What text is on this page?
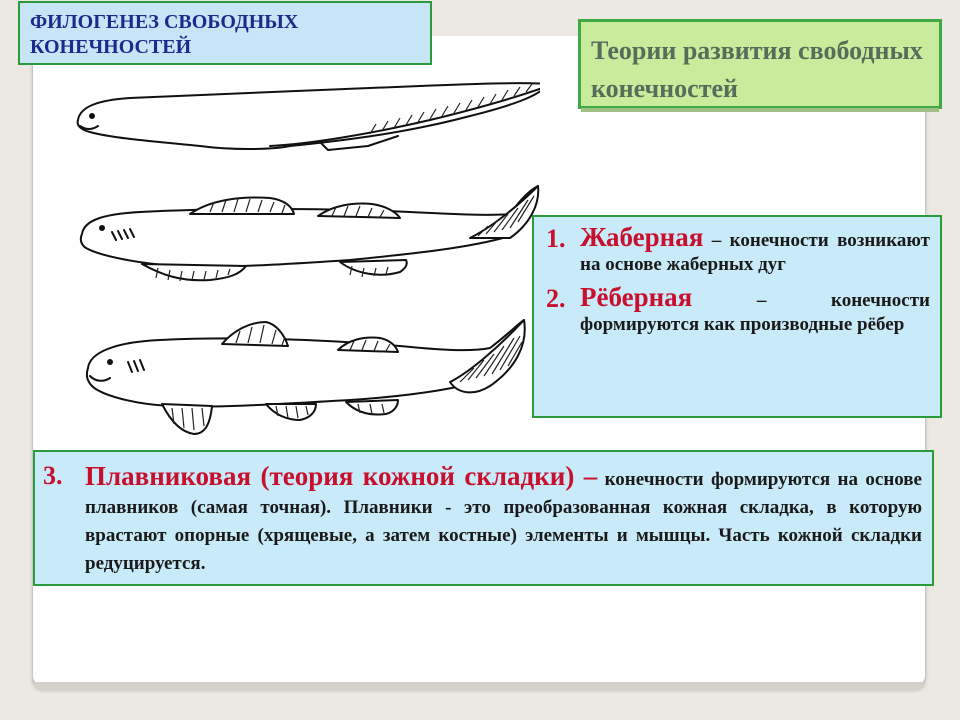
ФИЛОГЕНЕЗ СВОБОДНЫХ КОНЕЧНОСТЕЙ	Теории развития свободных конечностей
1. Жаберная – конечности возникают на основе жаберных дуг
2. Рёберная – конечности формируются как производные рёбер
3. Плавниковая (теория кожной складки) – конечности формируются на основе плавников (самая точная). Плавники - это преобразованная кожная складка, в которую врастают опорные (хрящевые, а затем костные) элементы и мышцы. Часть кожной складки редуцируется.
